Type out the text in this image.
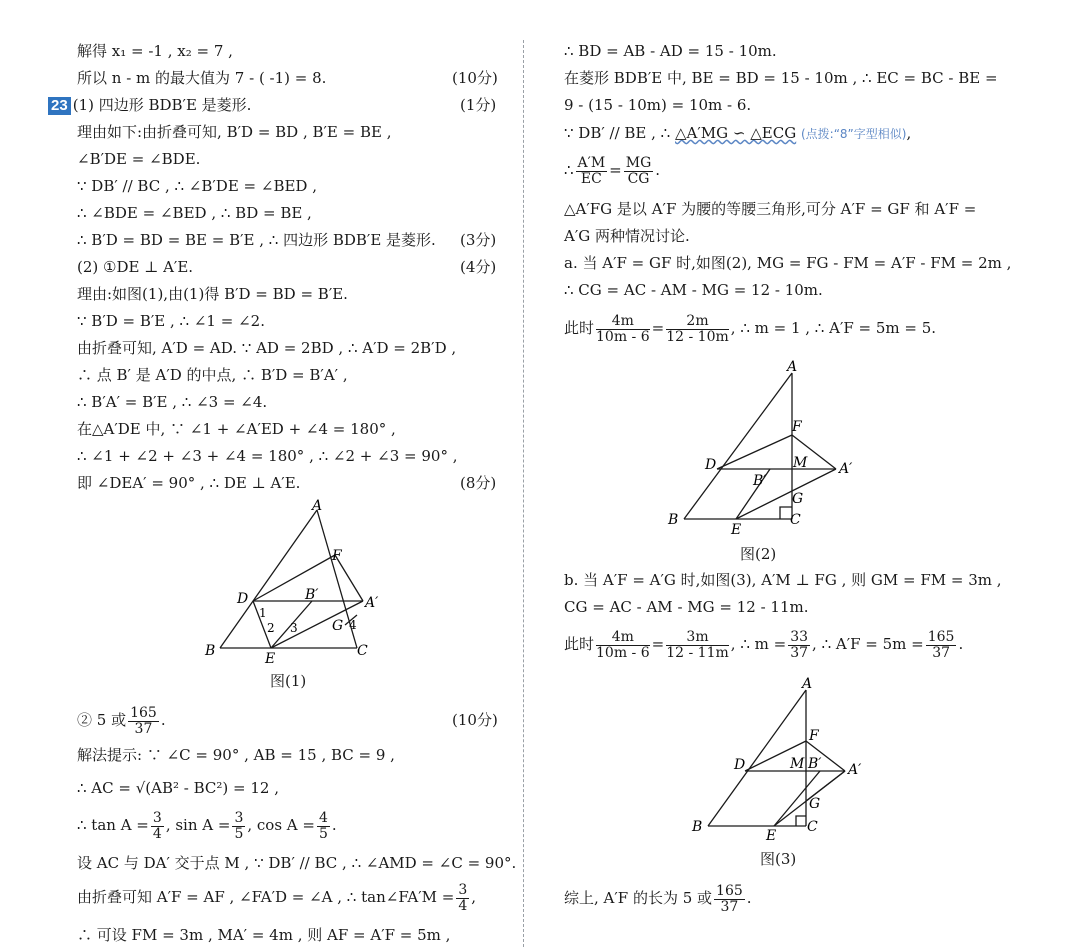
解得 x₁ = -1 , x₂ = 7 ,
所以 n - m 的最大值为 7 - ( -1) = 8.	(10分)
23 (1) 四边形 BDB′E 是菱形.	(1分)
理由如下:由折叠可知, B′D = BD , B′E = BE ,
∠B′DE = ∠BDE.
∵ DB′ // BC , ∴ ∠B′DE = ∠BED ,
∴ ∠BDE = ∠BED , ∴ BD = BE ,
∴ B′D = BD = BE = B′E , ∴ 四边形 BDB′E 是菱形. (3分)
(2) ①DE ⊥ A′E.	(4分)
理由:如图(1),由(1)得 B′D = BD = B′E.
∵ B′D = B′E , ∴ ∠1 = ∠2.
由折叠可知, A′D = AD. ∵ AD = 2BD , ∴ A′D = 2B′D ,
∴ 点 B′ 是 A′D 的中点, ∴ B′D = B′A′ ,
∴ B′A′ = B′E , ∴ ∠3 = ∠4.
在△A′DE 中, ∵ ∠1 + ∠A′ED + ∠4 = 180° ,
∴ ∠1 + ∠2 + ∠3 + ∠4 = 180° , ∴ ∠2 + ∠3 = 90° ,
即 ∠DEA′ = 90° , ∴ DE ⊥ A′E.	(8分)
A
B	C
D
E
F
G
B′	A′
1
2 3	4
图(1)
② 5 或 $\frac{165}{37}$ .	(10分)
解法提示: ∵ ∠C = 90° , AB = 15 , BC = 9 ,
∴ AC = √(AB² - BC²) = 12 ,
∴ $\tan A = \frac{3}{4}$ , $\sin A = \frac{3}{5}$ , $\cos A = \frac{4}{5}$ .
设 AC 与 DA′ 交于点 M , ∵ DB′ // BC , ∴ ∠AMD = ∠C = 90°.
由折叠可知 A′F = AF , ∠FA′D = ∠A , ∴ tan∠FA′M = $\frac{3}{4}$ ,
∴ 可设 FM = 3m , MA′ = 4m , 则 AF = A′F = 5m ,
∴ BD = AB - AD = 15 - 10m.
在菱形 BDB′E 中, BE = BD = 15 - 10m , ∴ EC = BC - BE =
9 - (15 - 10m) = 10m - 6.
∵ DB′ // BE , ∴ △A′MG ∽ △ECG (点拨:“8”字型相似),
∴ $\frac{A'M}{EC} = \frac{MG}{CG}$ .
△A′FG 是以 A′F 为腰的等腰三角形,可分 A′F = GF 和 A′F =
A′G 两种情况讨论.
a. 当 A′F = GF 时,如图(2), MG = FG - FM = A′F - FM = 2m ,
∴ CG = AC - AM - MG = 12 - 10m.
此时 $\frac{4m}{10m - 6} = \frac{2m}{12 - 10m}$ , ∴ m = 1 , ∴ A′F = 5m = 5.
A
B	C
D
E
F
G
M
B′
A′
图(2)
b. 当 A′F = A′G 时,如图(3), A′M ⊥ FG , 则 GM = FM = 3m ,
CG = AC - AM - MG = 12 - 11m.
此时 $\frac{4m}{10m - 6} = \frac{3m}{12 - 11m}$ , ∴ $m = \frac{33}{37}$ , ∴ $A'F = 5m = \frac{165}{37}$ .
A
B	C
D
E
F
G
M B′ A′
图(3)
综上, A′F 的长为 5 或 $\frac{165}{37}$ .
